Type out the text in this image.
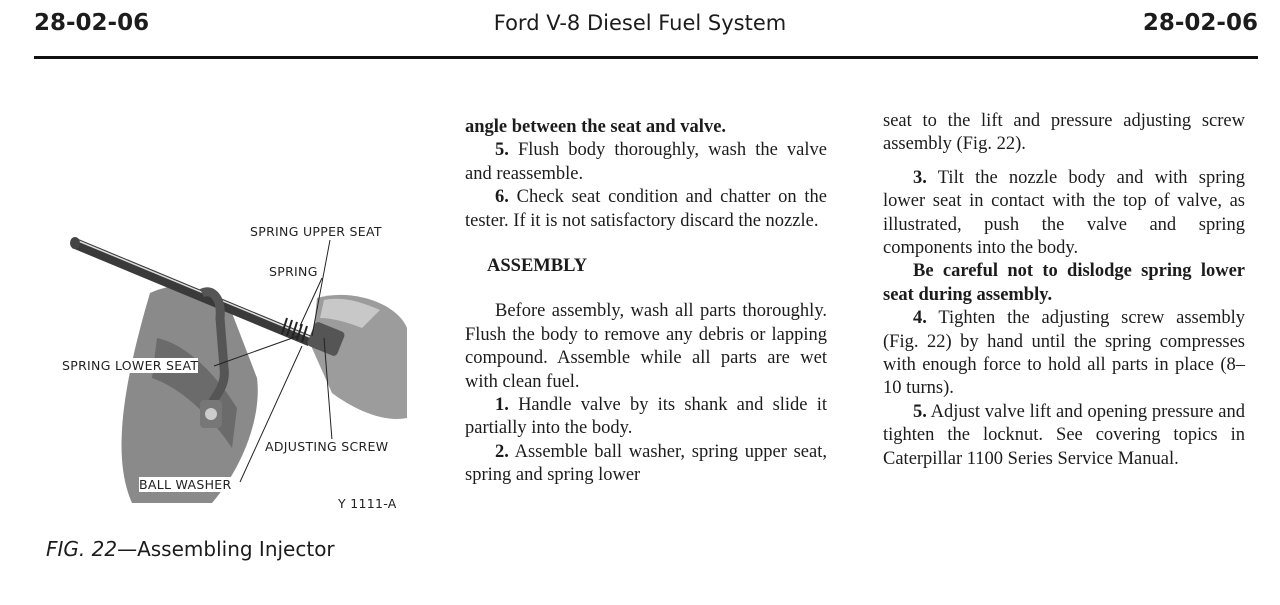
28-02-06	Ford V-8 Diesel Fuel System	28-02-06
SPRING UPPER SEAT
SPRING
SPRING LOWER SEAT
ADJUSTING SCREW
BALL WASHER
Y 1111-A
FIG. 22—Assembling Injector

angle between the seat and valve.

5. Flush body thoroughly, wash the valve and reassemble.

6. Check seat condition and chatter on the tester. If it is not satisfactory discard the nozzle.

ASSEMBLY

Before assembly, wash all parts thoroughly. Flush the body to remove any debris or lapping compound. Assemble while all parts are wet with clean fuel.

1. Handle valve by its shank and slide it partially into the body.

2. Assemble ball washer, spring upper seat, spring and spring lower

seat to the lift and pressure adjusting screw assembly (Fig. 22).

3. Tilt the nozzle body and with spring lower seat in contact with the top of valve, as illustrated, push the valve and spring components into the body.

Be careful not to dislodge spring lower seat during assembly.

4. Tighten the adjusting screw assembly (Fig. 22) by hand until the spring compresses with enough force to hold all parts in place (8–10 turns).

5. Adjust valve lift and opening pressure and tighten the locknut. See covering topics in Caterpillar 1100 Series Service Manual.
